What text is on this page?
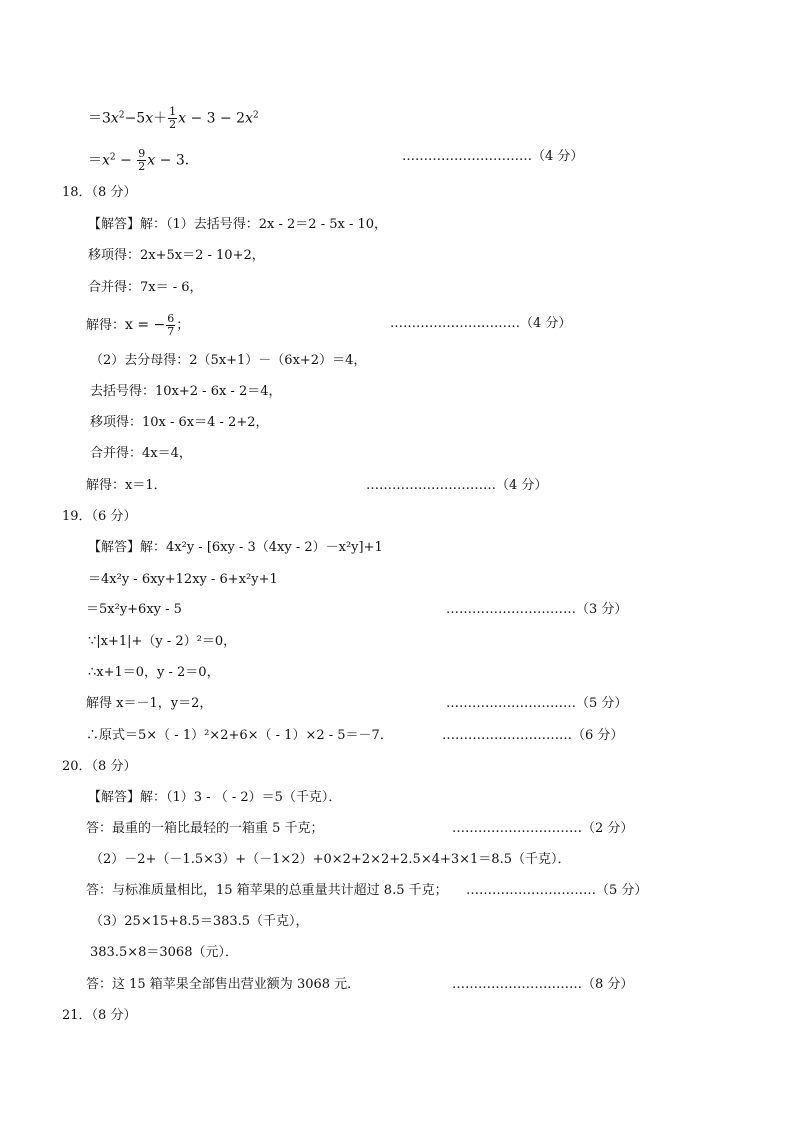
$=3x^2-5x+ \frac{1}{2}$ $x - 3 - 2x^2$
$=x^2 - \frac{9}{2}$ x − 3．	…………………………（4 分）
18．（8 分）
【解答】解：（1）去括号得：2x - 2＝2 - 5x - 10，
移项得：2x+5x＝2 - 10+2，
合并得：7x＝ - 6，
解得：x = − $\frac{6}{7}$ ；	…………………………（4 分）
（2）去分母得：2（5x+1）－（6x+2）＝4，
去括号得：10x+2 - 6x - 2＝4，
移项得：10x - 6x＝4 - 2+2，
合并得：4x＝4，
解得：x＝1．	…………………………（4 分）
19．（6 分）
【解答】解：4x²y - [6xy - 3（4xy - 2）－x²y]+1
＝4x²y - 6xy+12xy - 6+x²y+1
＝5x²y+6xy - 5	…………………………（3 分）
∵|x+1|+（y - 2）²＝0，
∴x+1＝0，y - 2＝0，
解得 x＝－1，y＝2，	…………………………（5 分）
∴原式＝5×（ - 1）²×2+6×（ - 1）×2 - 5＝－7．	…………………………（6 分）
20．（8 分）
【解答】解：（1）3 - （ - 2）＝5（千克）．
答：最重的一箱比最轻的一箱重 5 千克；	…………………………（2 分）
（2）－2+（－1.5×3）+（－1×2）+0×2+2×2+2.5×4+3×1＝8.5（千克）．
答：与标准质量相比，15 箱苹果的总重量共计超过 8.5 千克； …………………………（5 分）
（3）25×15+8.5＝383.5（千克），
383.5×8＝3068（元）．
答：这 15 箱苹果全部售出营业额为 3068 元．	…………………………（8 分）
21．（8 分）
